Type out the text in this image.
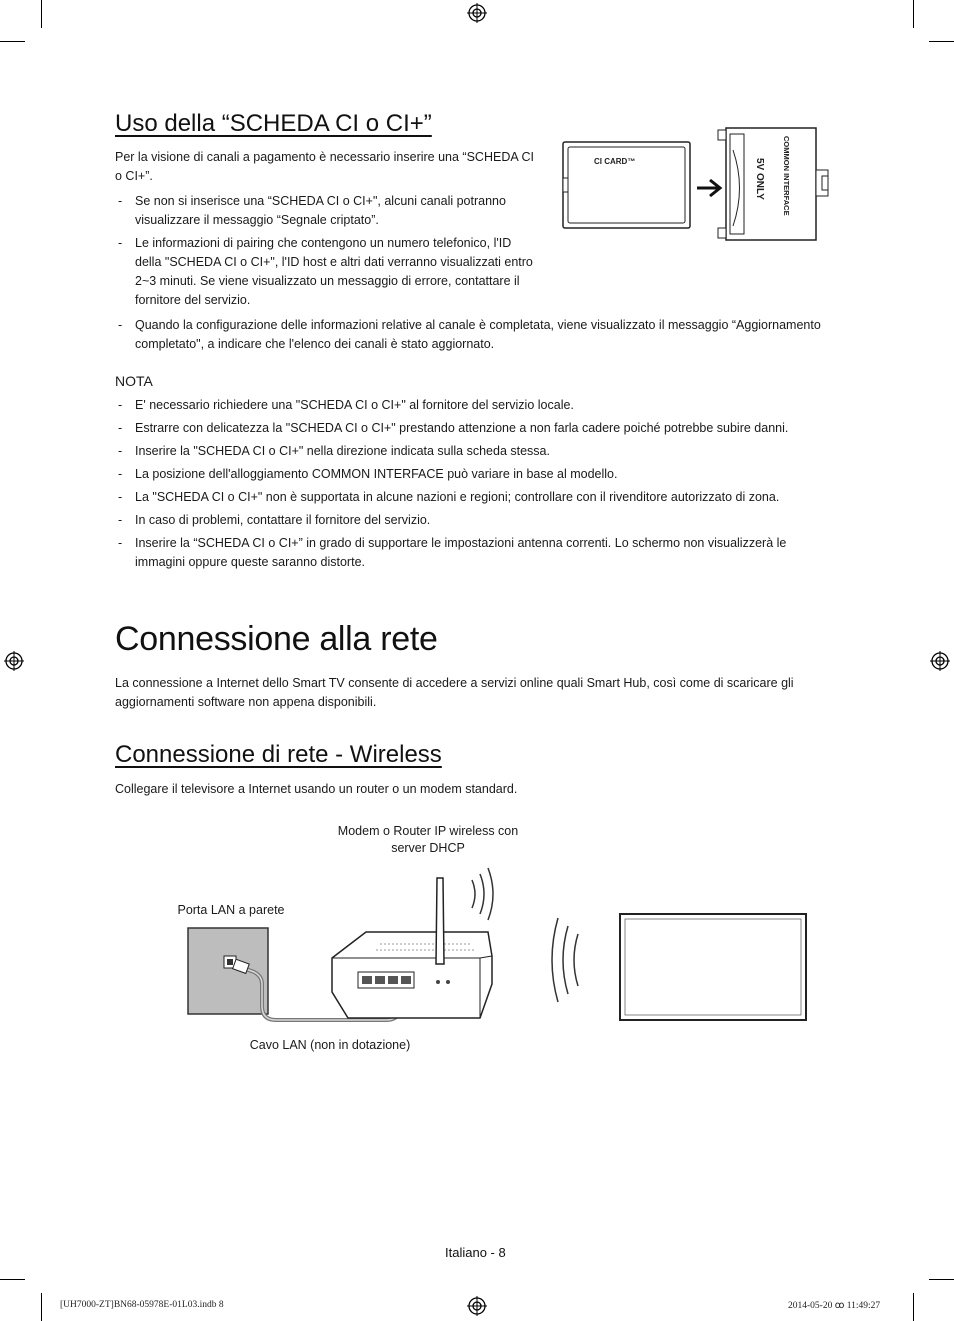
Uso della “SCHEDA CI o CI+”

Per la visione di canali a pagamento è necessario inserire una “SCHEDA CI o CI+”.

- Se non si inserisce una “SCHEDA CI o CI+", alcuni canali potranno visualizzare il messaggio “Segnale criptato”.
- Le informazioni di pairing che contengono un numero telefonico, l'ID della "SCHEDA CI o CI+", l'ID host e altri dati verranno visualizzati entro 2~3 minuti. Se viene visualizzato un messaggio di errore, contattare il fornitore del servizio.
- Quando la configurazione delle informazioni relative al canale è completata, viene visualizzato il messaggio “Aggiornamento completato", a indicare che l'elenco dei canali è stato aggiornato.
CI CARD™	COMMON INTERFACE
5V ONLY
NOTA
- E' necessario richiedere una "SCHEDA CI o CI+" al fornitore del servizio locale.
- Estrarre con delicatezza la "SCHEDA CI o CI+" prestando attenzione a non farla cadere poiché potrebbe subire danni.
- Inserire la "SCHEDA CI o CI+" nella direzione indicata sulla scheda stessa.
- La posizione dell'alloggiamento COMMON INTERFACE può variare in base al modello.
- La "SCHEDA CI o CI+" non è supportata in alcune nazioni e regioni; controllare con il rivenditore autorizzato di zona.
- In caso di problemi, contattare il fornitore del servizio.
- Inserire la “SCHEDA CI o CI+” in grado di supportare le impostazioni antenna correnti. Lo schermo non visualizzerà le immagini oppure queste saranno distorte.
Connessione alla rete

La connessione a Internet dello Smart TV consente di accedere a servizi online quali Smart Hub, così come di scaricare gli aggiornamenti software non appena disponibili.

Connessione di rete - Wireless

Collegare il televisore a Internet usando un router o un modem standard.

Modem o Router IP wireless con server DHCP
Porta LAN a parete
Cavo LAN (non in dotazione)
Italiano - 8
[UH7000-ZT]BN68-05978E-01L03.indb 8	2014-05-20 ꝏ 11:49:27
